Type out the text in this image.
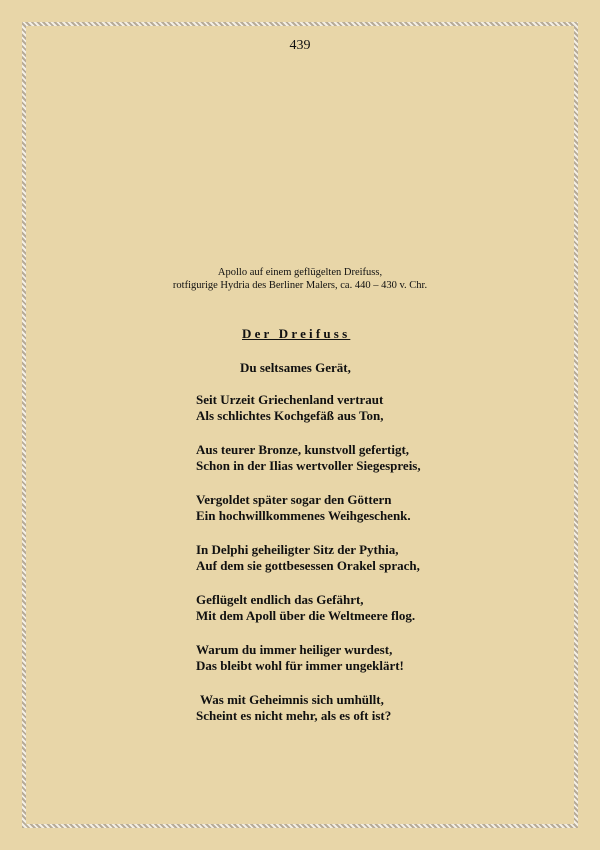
439
Apollo auf einem geflügelten Dreifuss,
rotfigurige Hydria des Berliner Malers, ca. 440 – 430 v. Chr.
Der Dreifuss
Du seltsames Gerät,
Seit Urzeit Griechenland vertraut
Als schlichtes Kochgefäß aus Ton,
Aus teurer Bronze, kunstvoll gefertigt,
Schon in der Ilias wertvoller Siegespreis,
Vergoldet später sogar den Göttern
Ein hochwillkommenes Weihgeschenk.
In Delphi geheiligter Sitz der Pythia,
Auf dem sie gottbesessen Orakel sprach,
Geflügelt endlich das Gefährt,
Mit dem Apoll über die Weltmeere flog.
Warum du immer heiliger wurdest,
Das bleibt wohl für immer ungeklärt!
Was mit Geheimnis sich umhüllt,
Scheint es nicht mehr, als es oft ist?
